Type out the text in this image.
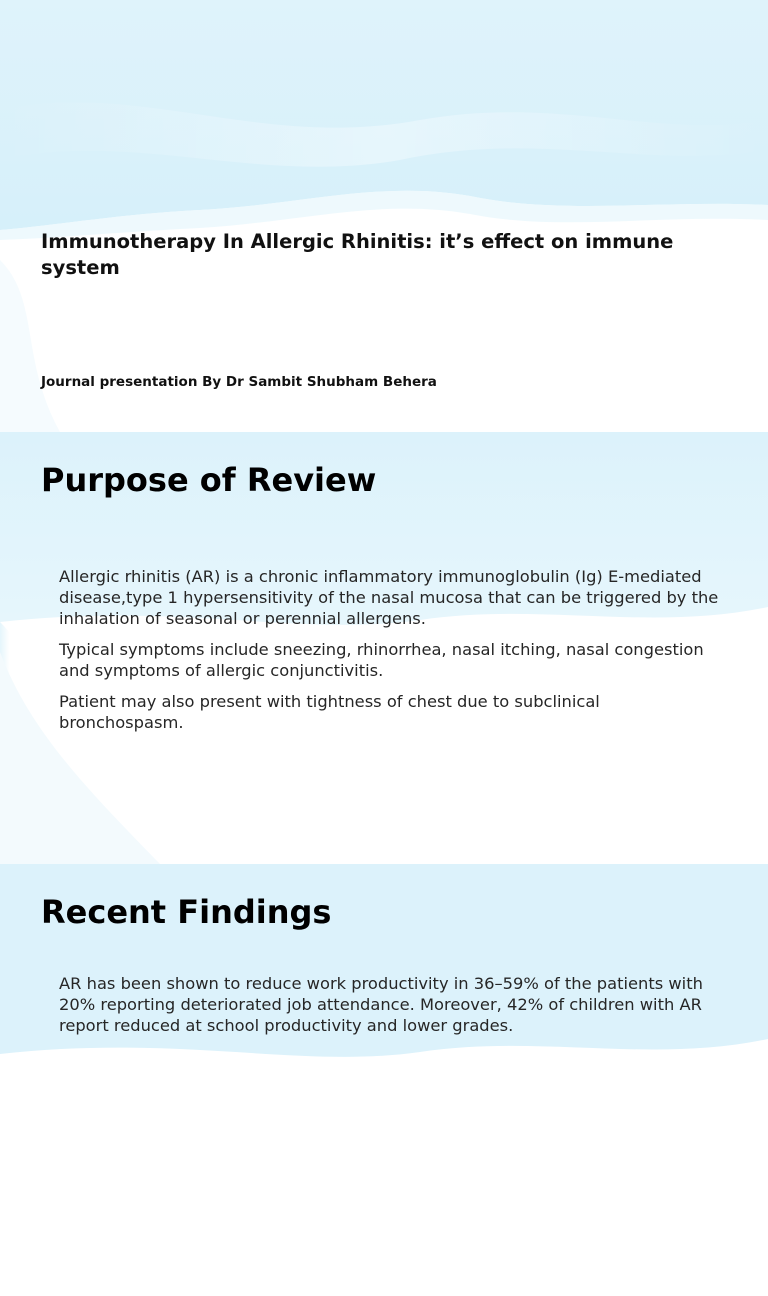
Immunotherapy In Allergic Rhinitis: it’s effect on immune system

Journal presentation By Dr Sambit Shubham Behera

Purpose of Review

Allergic rhinitis (AR) is a chronic inflammatory immunoglobulin (Ig) E-mediated disease,type 1 hypersensitivity of the nasal mucosa that can be triggered by the inhalation of seasonal or perennial allergens.

Typical symptoms include sneezing, rhinorrhea, nasal itching, nasal congestion and symptoms of allergic conjunctivitis.

Patient may also present with tightness of chest due to subclinical bronchospasm.

Recent Findings

AR has been shown to reduce work productivity in 36–59% of the patients with 20% reporting deteriorated job attendance. Moreover, 42% of children with AR report reduced at school productivity and lower grades.
